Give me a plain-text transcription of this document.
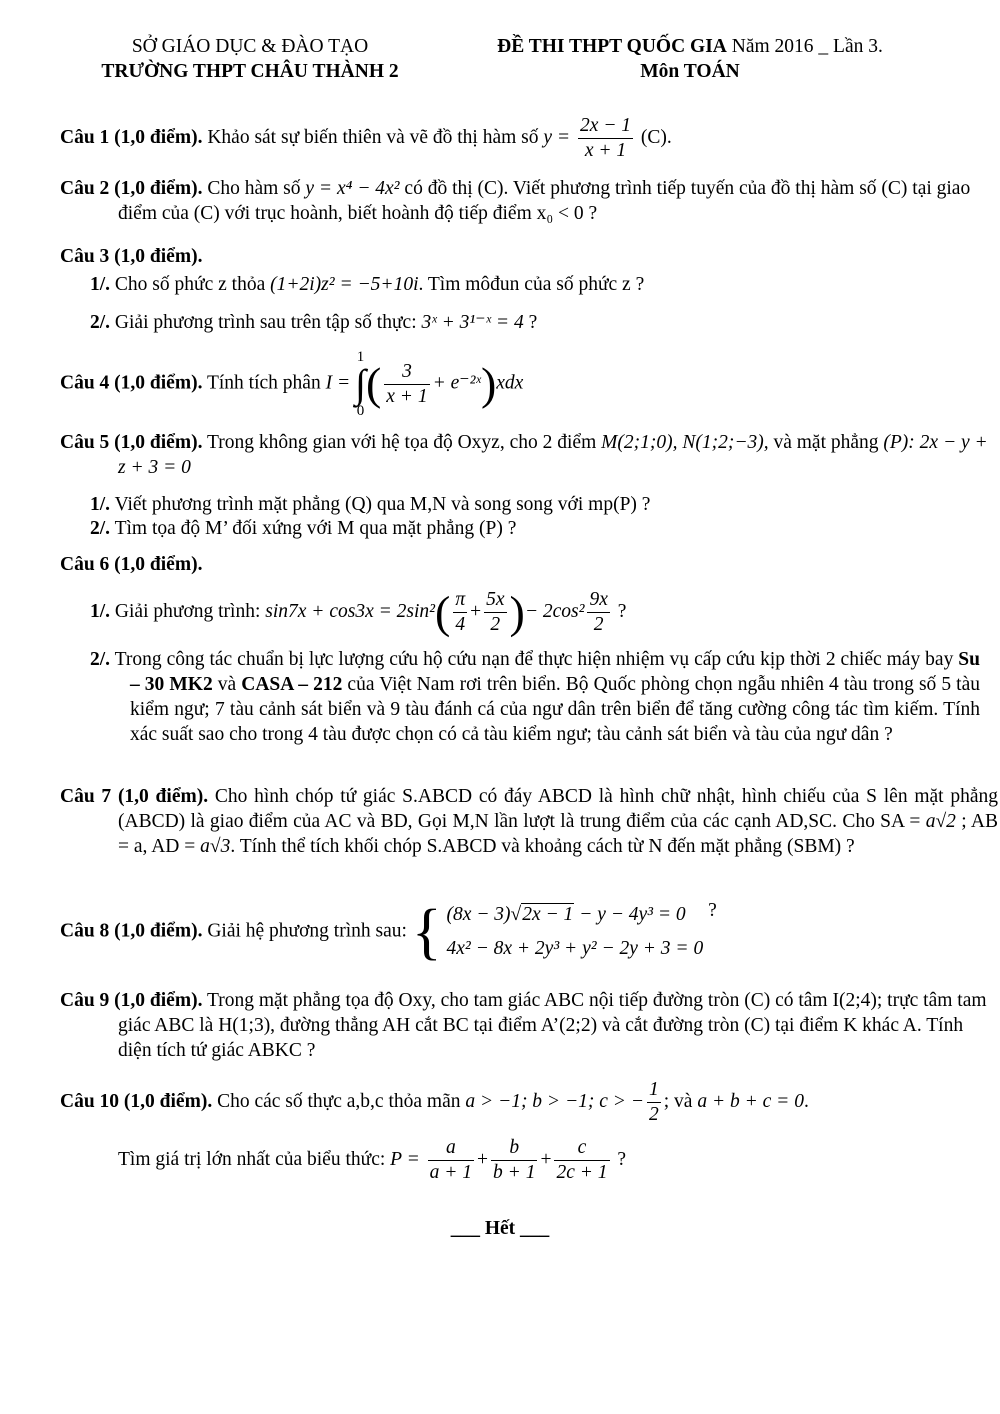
SỞ GIÁO DỤC & ĐÀO TẠO
TRƯỜNG THPT CHÂU THÀNH 2
ĐỀ THI THPT QUỐC GIA Năm 2016 _ Lần 3.
Môn TOÁN
Câu 1 (1,0 điểm). Khảo sát sự biến thiên và vẽ đồ thị hàm số $y = \frac{2x - 1}{x + 1} (C)$.
Câu 2 (1,0 điểm). Cho hàm số y = x⁴ − 4x² có đồ thị (C). Viết phương trình tiếp tuyến của đồ thị hàm số (C) tại giao điểm của (C) với trục hoành, biết hoành độ tiếp điểm x₀ < 0 ?
Câu 3 (1,0 điểm).
1/. Cho số phức z thỏa (1+2i)z² = −5+10i. Tìm môđun của số phức z ?
2/. Giải phương trình sau trên tập số thực: 3ˣ + 3¹⁻ˣ = 4 ?
Câu 4 (1,0 điểm). Tính tích phân I =
1
∫
0
( $\frac{3}{x + 1}$ + e⁻²ˣ)xdx
Câu 5 (1,0 điểm). Trong không gian với hệ tọa độ Oxyz, cho 2 điểm M(2;1;0), N(1;2;−3), và mặt phẳng (P): 2x − y + z + 3 = 0
1/. Viết phương trình mặt phẳng (Q) qua M,N và song song với mp(P) ?
2/. Tìm tọa độ M’ đối xứng với M qua mặt phẳng (P) ?
Câu 6 (1,0 điểm).
1/. Giải phương trình: $\sin 7x + \cos 3x = 2\sin^2( \frac{\pi}{4} + \frac{5x}{2}$ )− $2\cos^2 \frac{9x}{2}$ ?
2/. Trong công tác chuẩn bị lực lượng cứu hộ cứu nạn để thực hiện nhiệm vụ cấp cứu kịp thời 2 chiếc máy bay Su – 30 MK2 và CASA – 212 của Việt Nam rơi trên biển. Bộ Quốc phòng chọn ngẫu nhiên 4 tàu trong số 5 tàu kiểm ngư; 7 tàu cảnh sát biển và 9 tàu đánh cá của ngư dân trên biển để tăng cường công tác tìm kiếm. Tính xác suất sao cho trong 4 tàu được chọn có cả tàu kiểm ngư; tàu cảnh sát biển và tàu của ngư dân ?
Câu 7 (1,0 điểm). Cho hình chóp tứ giác S.ABCD có đáy ABCD là hình chữ nhật, hình chiếu của S lên mặt phẳng (ABCD) là giao điểm của AC và BD, Gọi M,N lần lượt là trung điểm của các cạnh AD,SC. Cho SA = a√2 ; AB = a, AD = a√3. Tính thể tích khối chóp S.ABCD và khoảng cách từ N đến mặt phẳng (SBM) ?
Câu 8 (1,0 điểm). Giải hệ phương trình sau: { (8x − 3)√2x − 1 − y − 4y³ = 0
4x² − 8x + 2y³ + y² − 2y + 3 = 0
?
Câu 9 (1,0 điểm). Trong mặt phẳng tọa độ Oxy, cho tam giác ABC nội tiếp đường tròn (C) có tâm I(2;4); trực tâm tam giác ABC là H(1;3), đường thẳng AH cắt BC tại điểm A’(2;2) và cắt đường tròn (C) tại điểm K khác A. Tính diện tích tứ giác ABKC ?
Câu 10 (1,0 điểm). Cho các số thực a,b,c thỏa mãn a > −1; b > −1; c > − $\frac{1}{2}$ ; và a + b + c = 0.
Tìm giá trị lớn nhất của biểu thức: $P = \frac{a}{a + 1} + \frac{b}{b + 1} + \frac{c}{2c + 1}$ ?
___ Hết ___
